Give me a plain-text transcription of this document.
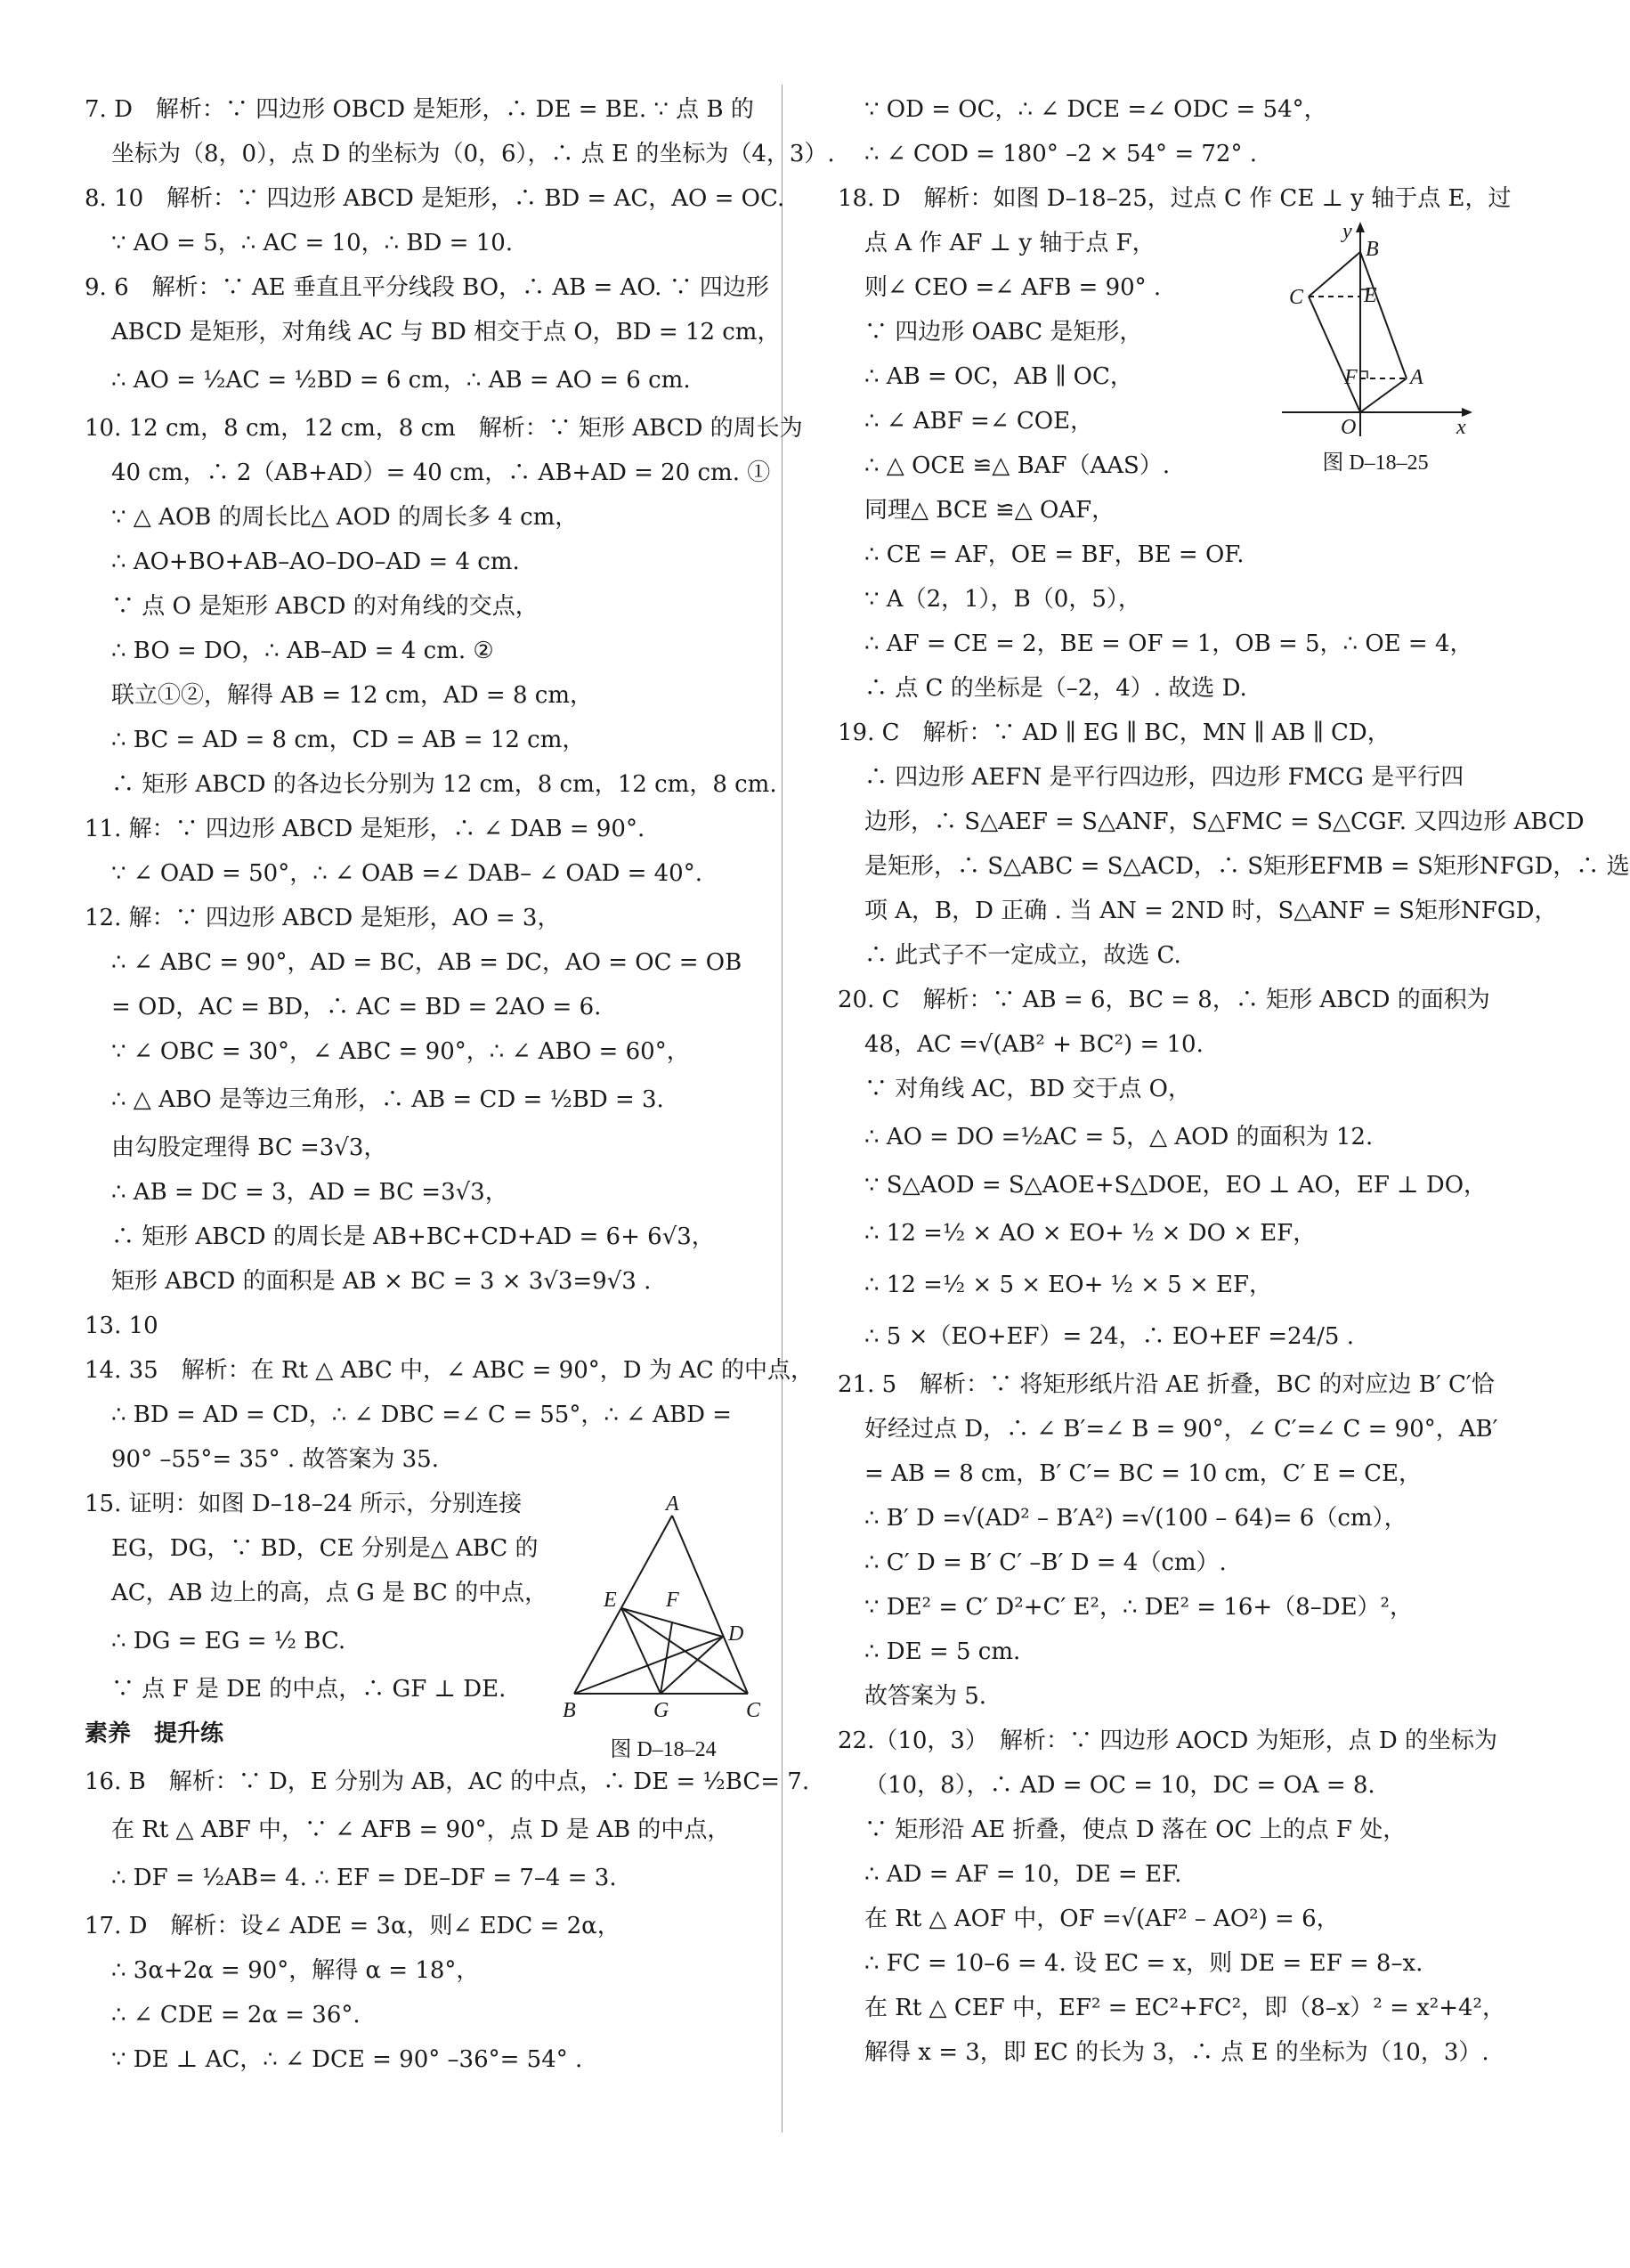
7. D　解析：∵ 四边形 OBCD 是矩形，∴ DE = BE. ∵ 点 B 的
坐标为（8，0），点 D 的坐标为（0，6），∴ 点 E 的坐标为（4，3）.
8. 10　解析：∵ 四边形 ABCD 是矩形，∴ BD = AC，AO = OC.
∵ AO = 5，∴ AC = 10，∴ BD = 10.
9. 6　解析：∵ AE 垂直且平分线段 BO，∴ AB = AO. ∵ 四边形
ABCD 是矩形，对角线 AC 与 BD 相交于点 O，BD = 12 cm，
∴ AO = ½AC = ½BD = 6 cm，∴ AB = AO = 6 cm.
10. 12 cm，8 cm，12 cm，8 cm　解析：∵ 矩形 ABCD 的周长为
40 cm，∴ 2（AB+AD）= 40 cm，∴ AB+AD = 20 cm. ①
∵ △ AOB 的周长比△ AOD 的周长多 4 cm，
∴ AO+BO+AB–AO–DO–AD = 4 cm.
∵ 点 O 是矩形 ABCD 的对角线的交点，
∴ BO = DO，∴ AB–AD = 4 cm. ②
联立①②，解得 AB = 12 cm，AD = 8 cm，
∴ BC = AD = 8 cm，CD = AB = 12 cm，
∴ 矩形 ABCD 的各边长分别为 12 cm，8 cm，12 cm，8 cm.
11. 解：∵ 四边形 ABCD 是矩形，∴ ∠ DAB = 90°.
∵ ∠ OAD = 50°，∴ ∠ OAB =∠ DAB– ∠ OAD = 40°.
12. 解：∵ 四边形 ABCD 是矩形，AO = 3，
∴ ∠ ABC = 90°，AD = BC，AB = DC，AO = OC = OB
= OD，AC = BD，∴ AC = BD = 2AO = 6.
∵ ∠ OBC = 30°，∠ ABC = 90°，∴ ∠ ABO = 60°，
∴ △ ABO 是等边三角形，∴ AB = CD = ½BD = 3.
由勾股定理得 BC =3√3，
∴ AB = DC = 3，AD = BC =3√3，
∴ 矩形 ABCD 的周长是 AB+BC+CD+AD = 6+ 6√3，
矩形 ABCD 的面积是 AB × BC = 3 × 3√3=9√3 .
13. 10
14. 35　解析：在 Rt △ ABC 中，∠ ABC = 90°，D 为 AC 的中点，
∴ BD = AD = CD，∴ ∠ DBC =∠ C = 55°，∴ ∠ ABD =
90° –55°= 35° . 故答案为 35.
15. 证明：如图 D–18–24 所示，分别连接
EG，DG，∵ BD，CE 分别是△ ABC 的
AC，AB 边上的高，点 G 是 BC 的中点，
∴ DG = EG = ½ BC.
∵ 点 F 是 DE 的中点，∴ GF ⊥ DE.
素养　提升练
16. B　解析：∵ D，E 分别为 AB，AC 的中点，∴ DE = ½BC= 7.
在 Rt △ ABF 中，∵ ∠ AFB = 90°，点 D 是 AB 的中点，
∴ DF = ½AB= 4. ∴ EF = DE–DF = 7–4 = 3.
17. D　解析：设∠ ADE = 3α，则∠ EDC = 2α，
∴ 3α+2α = 90°，解得 α = 18°，
∴ ∠ CDE = 2α = 36°.
∵ DE ⊥ AC，∴ ∠ DCE = 90° –36°= 54° .
A
B	C
D
E F
G
图 D–18–24
∵ OD = OC，∴ ∠ DCE =∠ ODC = 54°，
∴ ∠ COD = 180° –2 × 54° = 72° .
18. D　解析：如图 D–18–25，过点 C 作 CE ⊥ y 轴于点 E，过
点 A 作 AF ⊥ y 轴于点 F，
则∠ CEO =∠ AFB = 90° .
∵ 四边形 OABC 是矩形，
∴ AB = OC，AB ∥ OC，
∴ ∠ ABF =∠ COE，
∴ △ OCE ≌△ BAF（AAS）.
同理△ BCE ≌△ OAF，
∴ CE = AF，OE = BF，BE = OF.
∵ A（2，1），B（0，5），
∴ AF = CE = 2，BE = OF = 1，OB = 5，∴ OE = 4，
∴ 点 C 的坐标是（–2，4）. 故选 D.
19. C　解析：∵ AD ∥ EG ∥ BC，MN ∥ AB ∥ CD，
∴ 四边形 AEFN 是平行四边形，四边形 FMCG 是平行四
边形，∴ S△AEF = S△ANF，S△FMC = S△CGF. 又四边形 ABCD
是矩形，∴ S△ABC = S△ACD，∴ S矩形EFMB = S矩形NFGD，∴ 选
项 A，B，D 正确 . 当 AN = 2ND 时，S△ANF = S矩形NFGD，
∴ 此式子不一定成立，故选 C.
20. C　解析：∵ AB = 6，BC = 8，∴ 矩形 ABCD 的面积为
48，AC =√(AB² + BC²) = 10.
∵ 对角线 AC，BD 交于点 O，
∴ AO = DO =½AC = 5，△ AOD 的面积为 12.
∵ S△AOD = S△AOE+S△DOE，EO ⊥ AO，EF ⊥ DO，
∴ 12 =½ × AO × EO+ ½ × DO × EF，
∴ 12 =½ × 5 × EO+ ½ × 5 × EF，
∴ 5 ×（EO+EF）= 24，∴ EO+EF =24/5 .
21. 5　解析：∵ 将矩形纸片沿 AE 折叠，BC 的对应边 B′ C′恰
好经过点 D，∴ ∠ B′=∠ B = 90°，∠ C′=∠ C = 90°，AB′
= AB = 8 cm，B′ C′= BC = 10 cm，C′ E = CE，
∴ B′ D =√(AD² – B′A²) =√(100 – 64)= 6（cm），
∴ C′ D = B′ C′ –B′ D = 4（cm）.
∵ DE² = C′ D²+C′ E²，∴ DE² = 16+（8–DE）²，
∴ DE = 5 cm.
故答案为 5.
22.（10，3）　解析：∵ 四边形 AOCD 为矩形，点 D 的坐标为
（10，8），∴ AD = OC = 10，DC = OA = 8.
∵ 矩形沿 AE 折叠，使点 D 落在 OC 上的点 F 处，
∴ AD = AF = 10，DE = EF.
在 Rt △ AOF 中，OF =√(AF² – AO²) = 6，
∴ FC = 10–6 = 4. 设 EC = x，则 DE = EF = 8–x.
在 Rt △ CEF 中，EF² = EC²+FC²，即（8–x）² = x²+4²，
解得 x = 3，即 EC 的长为 3，∴ 点 E 的坐标为（10，3）.
y
x
O
A
B
C	E
F
图 D–18–25
